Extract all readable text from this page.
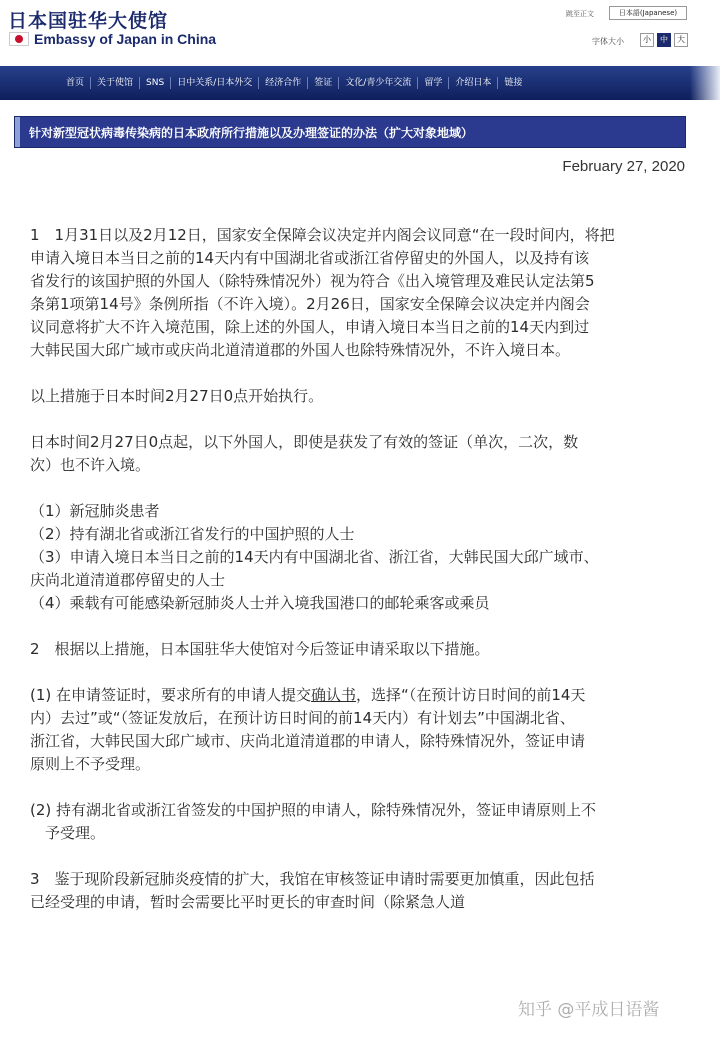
日本国驻华大使馆
Embassy of Japan in China
跳至正文	日本語(Japanese)
字体大小	小	中	大
首页	关于使馆	SNS	日中关系/日本外交	经济合作	签证	文化/青少年交流	留学	介绍日本	链接
针对新型冠状病毒传染病的日本政府所行措施以及办理签证的办法（扩大对象地域）
February 27, 2020

1　1月31日以及2月12日，国家安全保障会议决定并内阁会议同意“在一段时间内，将把

申请入境日本当日之前的14天内有中国湖北省或浙江省停留史的外国人，以及持有该

省发行的该国护照的外国人（除特殊情况外）视为符合《出入境管理及难民认定法第5

条第1项第14号》条例所指（不许入境）。2月26日，国家安全保障会议决定并内阁会

议同意将扩大不许入境范围，除上述的外国人，申请入境日本当日之前的14天内到过

大韩民国大邱广域市或庆尚北道清道郡的外国人也除特殊情况外，不许入境日本。

以上措施于日本时间2月27日0点开始执行。

日本时间2月27日0点起，以下外国人，即使是获发了有效的签证（单次，二次，数

次）也不许入境。

（1）新冠肺炎患者

（2）持有湖北省或浙江省发行的中国护照的人士

（3）申请入境日本当日之前的14天内有中国湖北省、浙江省，大韩民国大邱广域市、

庆尚北道清道郡停留史的人士

（4）乘载有可能感染新冠肺炎人士并入境我国港口的邮轮乘客或乘员

2　根据以上措施，日本国驻华大使馆对今后签证申请采取以下措施。

(1) 在申请签证时，要求所有的申请人提交确认书，选择“（在预计访日时间的前14天

内）去过”或“（签证发放后，在预计访日时间的前14天内）有计划去”中国湖北省、

浙江省，大韩民国大邱广域市、庆尚北道清道郡的申请人，除特殊情况外，签证申请

原则上不予受理。

(2) 持有湖北省或浙江省签发的中国护照的申请人，除特殊情况外，签证申请原则上不

　予受理。

3　鉴于现阶段新冠肺炎疫情的扩大，我馆在审核签证申请时需要更加慎重，因此包括

已经受理的申请，暂时会需要比平时更长的审查时间（除紧急人道

知乎 @平成日语酱
